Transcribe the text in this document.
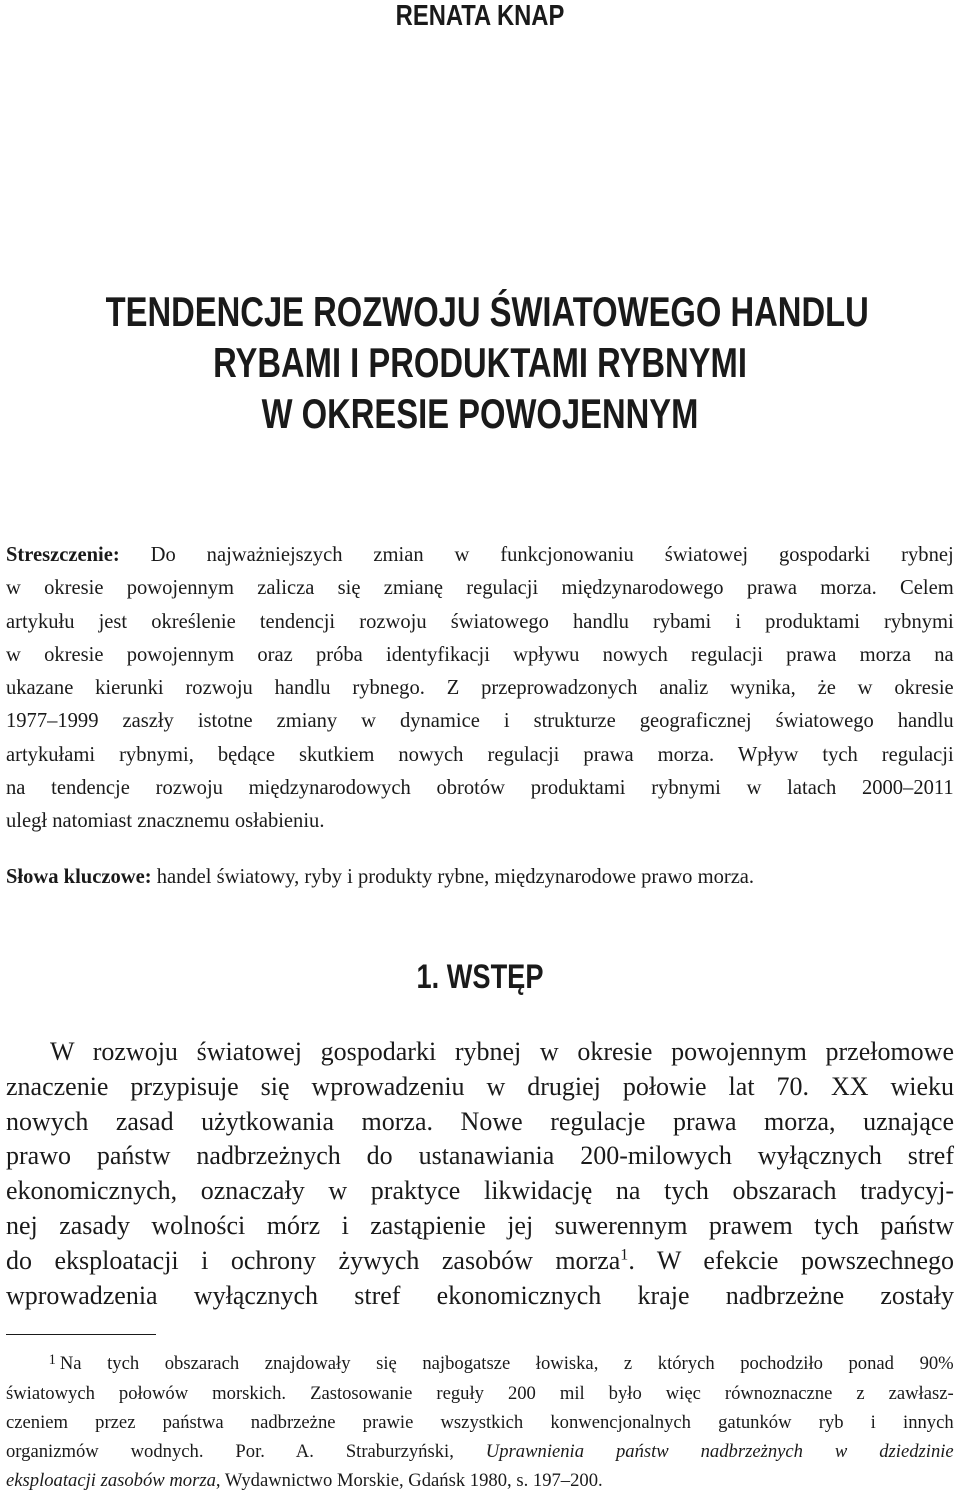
RENATA KNAP
TENDENCJE ROZWOJU ŚWIATOWEGO HANDLU
RYBAMI I PRODUKTAMI RYBNYMI
W OKRESIE POWOJENNYM
Streszczenie: Do najważniejszych zmian w funkcjonowaniu światowej gospodarki rybnej
w okresie powojennym zalicza się zmianę regulacji międzynarodowego prawa morza. Celem
artykułu jest określenie tendencji rozwoju światowego handlu rybami i produktami rybnymi
w okresie powojennym oraz próba identyfikacji wpływu nowych regulacji prawa morza na
ukazane kierunki rozwoju handlu rybnego. Z przeprowadzonych analiz wynika, że w okresie
1977–1999 zaszły istotne zmiany w dynamice i strukturze geograficznej światowego handlu
artykułami rybnymi, będące skutkiem nowych regulacji prawa morza. Wpływ tych regulacji
na tendencje rozwoju międzynarodowych obrotów produktami rybnymi w latach 2000–2011
uległ natomiast znacznemu osłabieniu.
Słowa kluczowe: handel światowy, ryby i produkty rybne, międzynarodowe prawo morza.
1. WSTĘP
W rozwoju światowej gospodarki rybnej w okresie powojennym przełomowe
znaczenie przypisuje się wprowadzeniu w drugiej połowie lat 70. XX wieku
nowych zasad użytkowania morza. Nowe regulacje prawa morza, uznające
prawo państw nadbrzeżnych do ustanawiania 200-milowych wyłącznych stref
ekonomicznych, oznaczały w praktyce likwidację na tych obszarach tradycyj-
nej zasady wolności mórz i zastąpienie jej suwerennym prawem tych państw
do eksploatacji i ochrony żywych zasobów morza$^1$. W efekcie powszechnego
wprowadzenia wyłącznych stref ekonomicznych kraje nadbrzeżne zostały
$^1$ Na tych obszarach znajdowały się najbogatsze łowiska, z których pochodziło ponad 90%
światowych połowów morskich. Zastosowanie reguły 200 mil było więc równoznaczne z zawłasz-
czeniem przez państwa nadbrzeżne prawie wszystkich konwencjonalnych gatunków ryb i innych
organizmów wodnych. Por. A. Straburzyński, Uprawnienia państw nadbrzeżnych w dziedzinie
eksploatacji zasobów morza, Wydawnictwo Morskie, Gdańsk 1980, s. 197–200.
